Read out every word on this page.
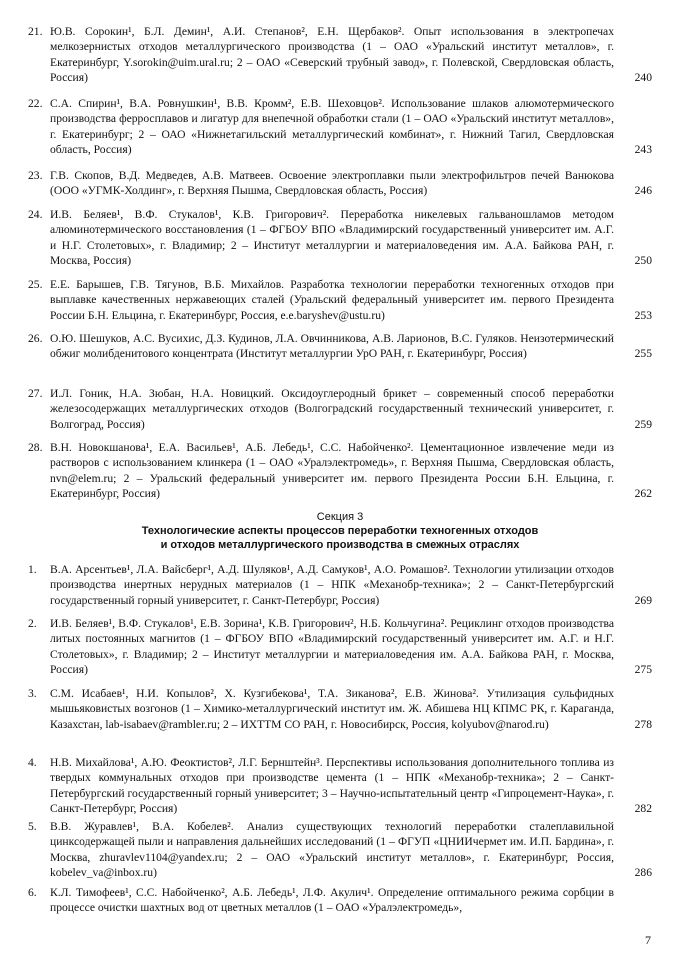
21. Ю.В. Сорокин¹, Б.Л. Демин¹, А.И. Степанов², Е.Н. Щербаков². Опыт использования в электропечах мелкозернистых отходов металлургического производства (1 – ОАО «Уральский институт металлов», г. Екатеринбург, Y.sorokin@uim.ural.ru; 2 – ОАО «Северский трубный завод», г. Полевской, Свердловская область, Россия)	240
22. С.А. Спирин¹, В.А. Ровнушкин¹, В.В. Кромм², Е.В. Шеховцов². Использование шлаков алюмотермического производства ферросплавов и лигатур для внепечной обработки стали (1 – ОАО «Уральский институт металлов», г. Екатеринбург; 2 – ОАО «Нижнетагильский металлургический комбинат», г. Нижний Тагил, Свердловская область, Россия)	243
23. Г.В. Скопов, В.Д. Медведев, А.В. Матвеев. Освоение электроплавки пыли электрофильтров печей Ванюкова (ООО «УГМК-Холдинг», г. Верхняя Пышма, Свердловская область, Россия)	246
24. И.В. Беляев¹, В.Ф. Стукалов¹, К.В. Григорович². Переработка никелевых гальваношламов методом алюминотермического восстановления (1 – ФГБОУ ВПО «Владимирский государственный университет им. А.Г. и Н.Г. Столетовых», г. Владимир; 2 – Институт металлургии и материаловедения им. А.А. Байкова РАН, г. Москва, Россия)	250
25. Е.Е. Барышев, Г.В. Тягунов, В.Б. Михайлов. Разработка технологии переработки техногенных отходов при выплавке качественных нержавеющих сталей (Уральский федеральный университет им. первого Президента России Б.Н. Ельцина, г. Екатеринбург, Россия, e.e.baryshev@ustu.ru)	253
26. О.Ю. Шешуков, А.С. Вусихис, Д.З. Кудинов, Л.А. Овчинникова, А.В. Ларионов, В.С. Гуляков. Неизотермический обжиг молибденитового концентрата (Институт металлургии УрО РАН, г. Екатеринбург, Россия)	255
27. И.Л. Гоник, Н.А. Зюбан, Н.А. Новицкий. Оксидоуглеродный брикет – современный способ переработки железосодержащих металлургических отходов (Волгоградский государственный технический университет, г. Волгоград, Россия)	259
28. В.Н. Новокшанова¹, Е.А. Васильев¹, А.Б. Лебедь¹, С.С. Набойченко². Цементационное извлечение меди из растворов с использованием клинкера (1 – ОАО «Уралэлектромедь», г. Верхняя Пышма, Свердловская область, nvn@elem.ru; 2 – Уральский федеральный университет им. первого Президента России Б.Н. Ельцина, г. Екатеринбург, Россия)	262
Секция 3
Технологические аспекты процессов переработки техногенных отходов
и отходов металлургического производства в смежных отраслях
1.	В.А. Арсентьев¹, Л.А. Вайсберг¹, А.Д. Шуляков¹, А.Д. Самуков¹, А.О. Ромашов². Технологии утилизации отходов производства инертных нерудных материалов (1 – НПК «Механобр-техника»; 2 – Санкт-Петербургский государственный горный университет, г. Санкт-Петербург, Россия)	269
2.	И.В. Беляев¹, В.Ф. Стукалов¹, Е.В. Зорина¹, К.В. Григорович², Н.Б. Кольчугина². Рециклинг отходов производства литых постоянных магнитов (1 – ФГБОУ ВПО «Владимирский государственный университет им. А.Г. и Н.Г. Столетовых», г. Владимир; 2 – Институт металлургии и материаловедения им. А.А. Байкова РАН, г. Москва, Россия)	275
3.	С.М. Исабаев¹, Н.И. Копылов², Х. Кузгибекова¹, Т.А. Зиканова², Е.В. Жинова². Утилизация сульфидных мышьяковистых возгонов (1 – Химико-металлургический институт им. Ж. Абишева НЦ КПМС РК, г. Караганда, Казахстан, lab-isabaev@rambler.ru; 2 – ИХТТМ СО РАН, г. Новосибирск, Россия, kolyubov@narod.ru)	278
4.	Н.В. Михайлова¹, А.Ю. Феоктистов², Л.Г. Бернштейн³. Перспективы использования дополнительного топлива из твердых коммунальных отходов при производстве цемента (1 – НПК «Механобр-техника»; 2 – Санкт-Петербургский государственный горный университет; 3 – Научно-испытательный центр «Гипроцемент-Наука», г. Санкт-Петербург, Россия)	282
5.	В.В. Журавлев¹, В.А. Кобелев². Анализ существующих технологий переработки сталеплавильной цинксодержащей пыли и направления дальнейших исследований (1 – ФГУП «ЦНИИчермет им. И.П. Бардина», г. Москва, zhuravlev1104@yandex.ru; 2 – ОАО «Уральский институт металлов», г. Екатеринбург, Россия, kobelev_va@inbox.ru)	286
6.	К.Л. Тимофеев¹, С.С. Набойченко², А.Б. Лебедь¹, Л.Ф. Акулич¹. Определение оптимального режима сорбции в процессе очистки шахтных вод от цветных металлов (1 – ОАО «Уралэлектромедь»,
7
